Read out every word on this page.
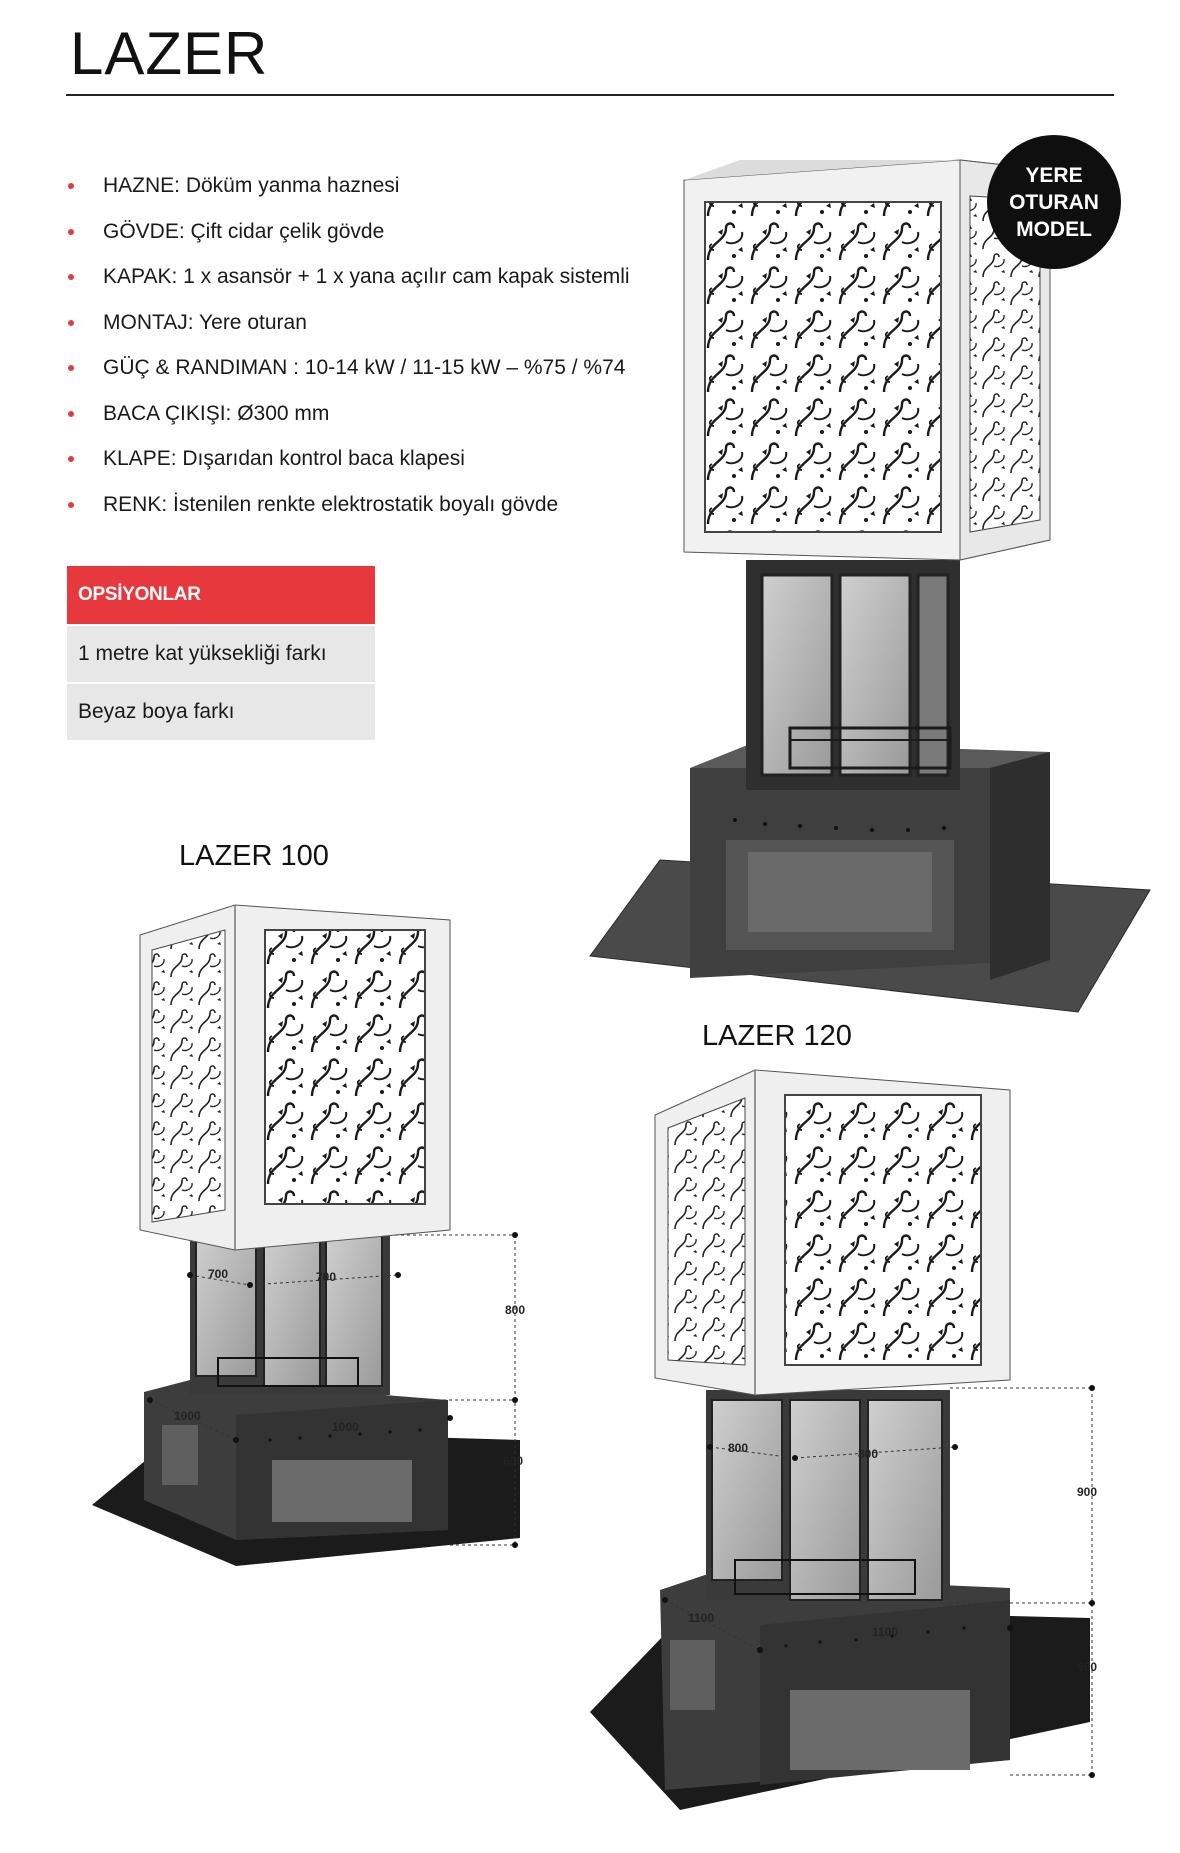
LAZER
HAZNE: Döküm yanma haznesi
GÖVDE: Çift cidar çelik gövde
KAPAK: 1 x asansör + 1 x yana açılır cam kapak sistemli
MONTAJ: Yere oturan
GÜÇ & RANDIMAN : 10-14 kW / 11-15 kW – %75 / %74
BACA ÇIKIŞI: Ø300 mm
KLAPE: Dışarıdan kontrol baca klapesi
RENK: İstenilen renkte elektrostatik boyalı gövde
OPSİYONLAR
1 metre kat yüksekliği farkı
Beyaz boya farkı
700	700
800
1000
1000
600
800	800
900
1100
1100
600
YERE
OTURAN
MODEL
LAZER 100
LAZER 120
